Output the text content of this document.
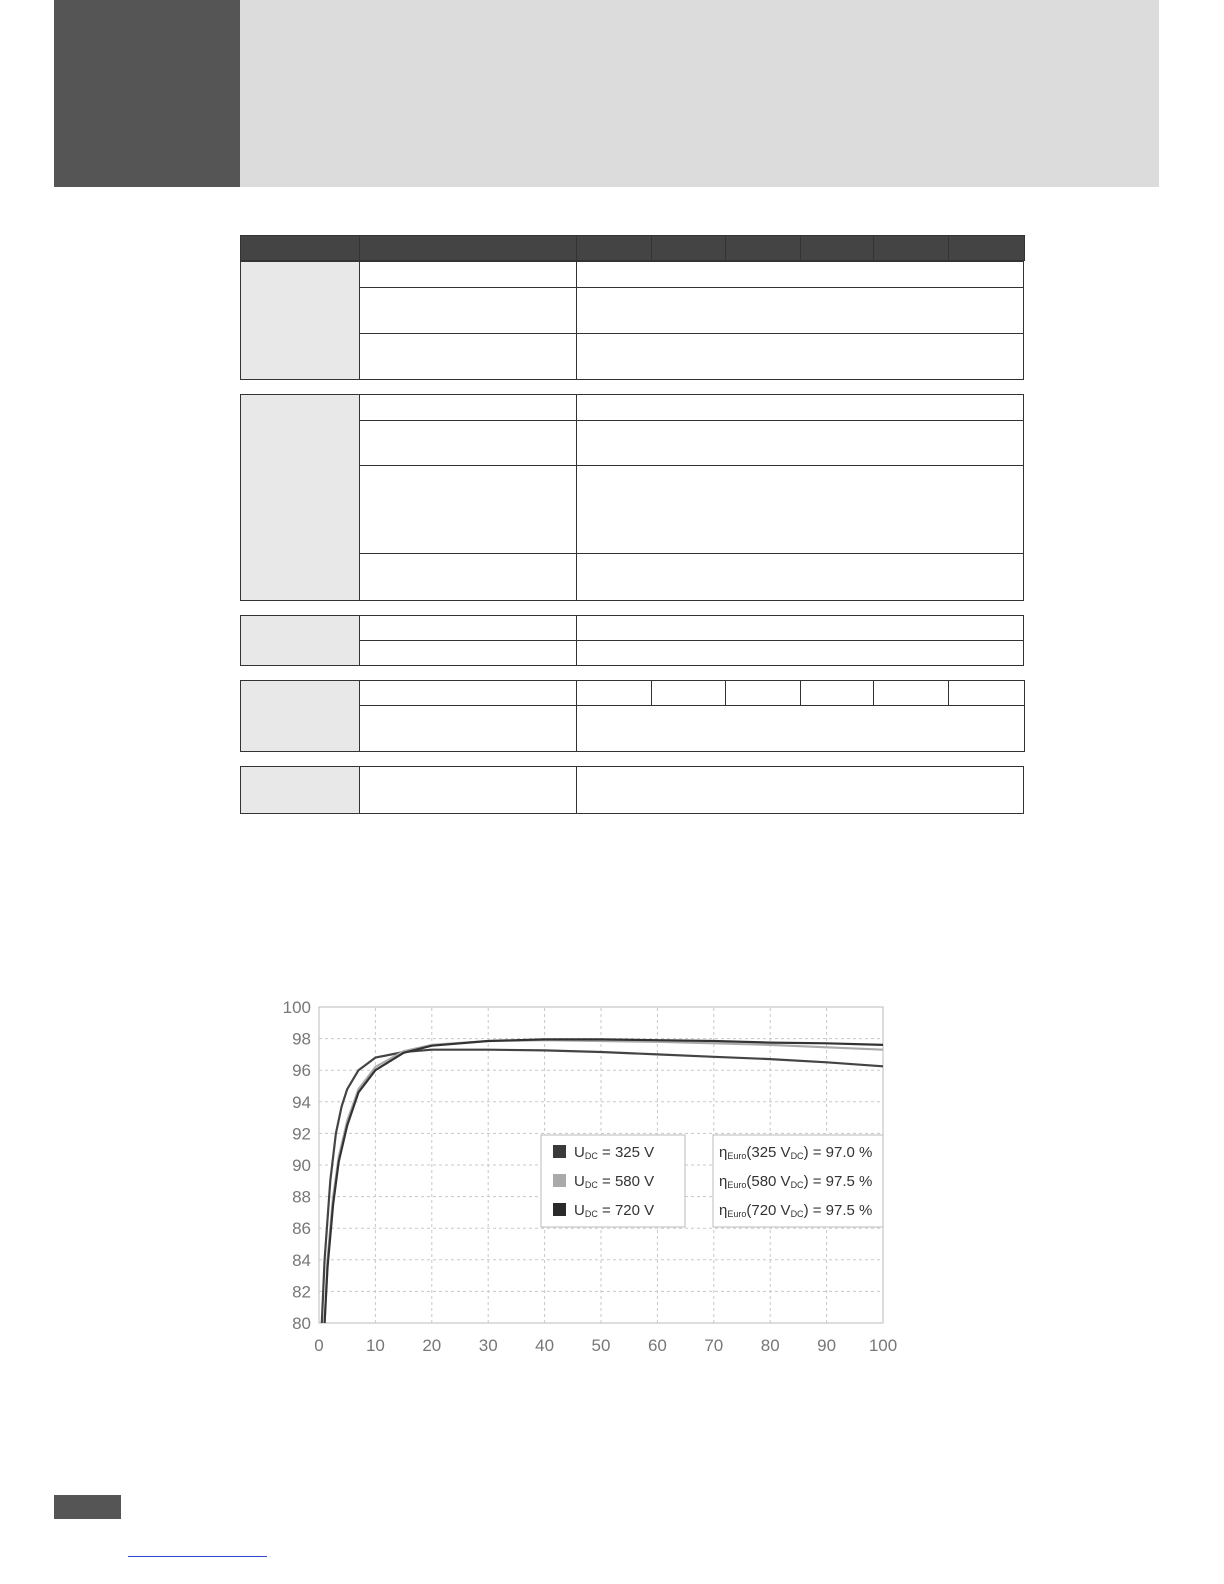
80
82
84
86
88
90
92
94
96
98
100
0 10 20 30 40 50 60 70 80 90 100
UDC = 325 V
UDC = 580 V
UDC = 720 V
ηEuro(325 VDC) = 97.0 %
ηEuro(580 VDC) = 97.5 %
ηEuro(720 VDC) = 97.5 %
